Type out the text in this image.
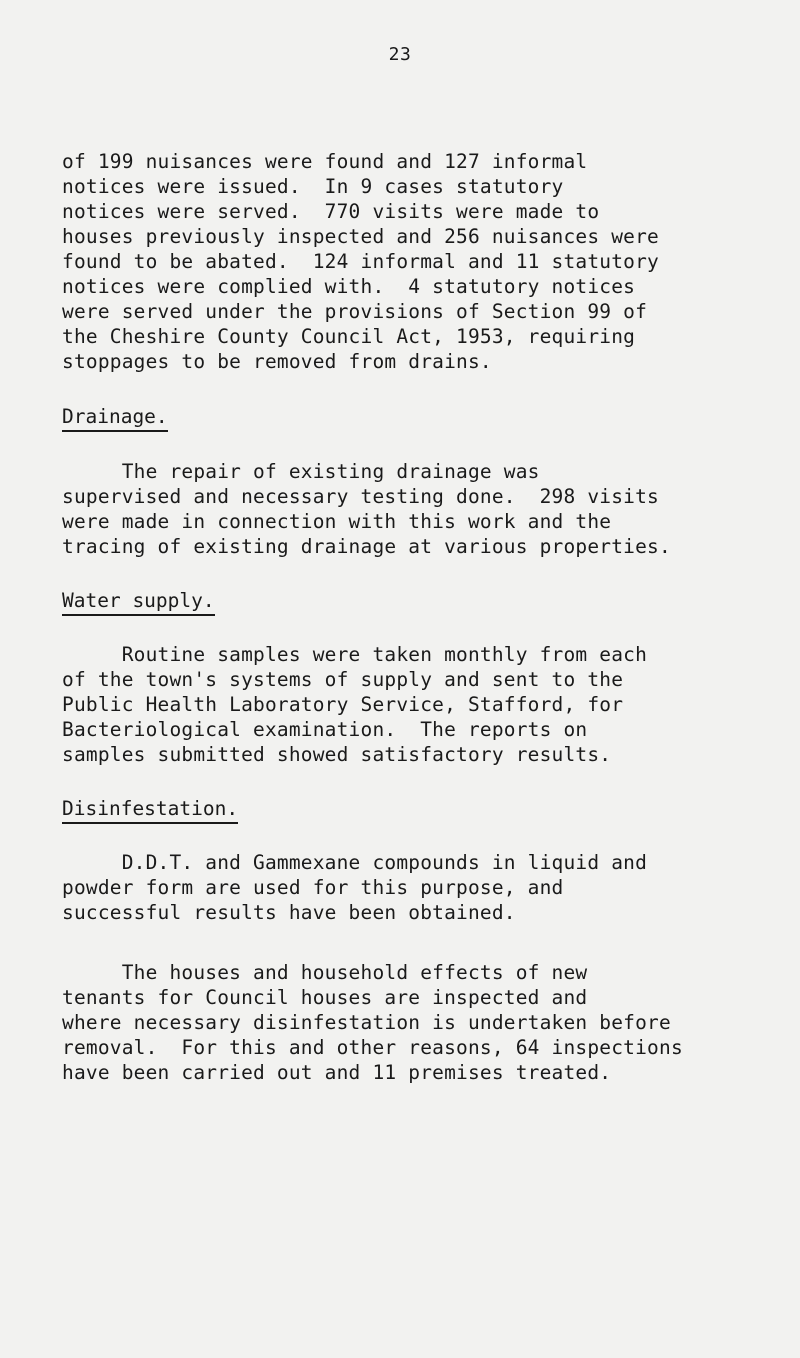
23
of 199 nuisances were found and 127 informal
notices were issued.  In 9 cases statutory
notices were served.  770 visits were made to
houses previously inspected and 256 nuisances were
found to be abated.  124 informal and 11 statutory
notices were complied with.  4 statutory notices
were served under the provisions of Section 99 of
the Cheshire County Council Act, 1953, requiring
stoppages to be removed from drains.
Drainage.
The repair of existing drainage was
supervised and necessary testing done.  298 visits
were made in connection with this work and the
tracing of existing drainage at various properties.
Water supply.
Routine samples were taken monthly from each
of the town's systems of supply and sent to the
Public Health Laboratory Service, Stafford, for
Bacteriological examination.  The reports on
samples submitted showed satisfactory results.
Disinfestation.
D.D.T. and Gammexane compounds in liquid and
powder form are used for this purpose, and
successful results have been obtained.
The houses and household effects of new
tenants for Council houses are inspected and
where necessary disinfestation is undertaken before
removal.  For this and other reasons, 64 inspections
have been carried out and 11 premises treated.
